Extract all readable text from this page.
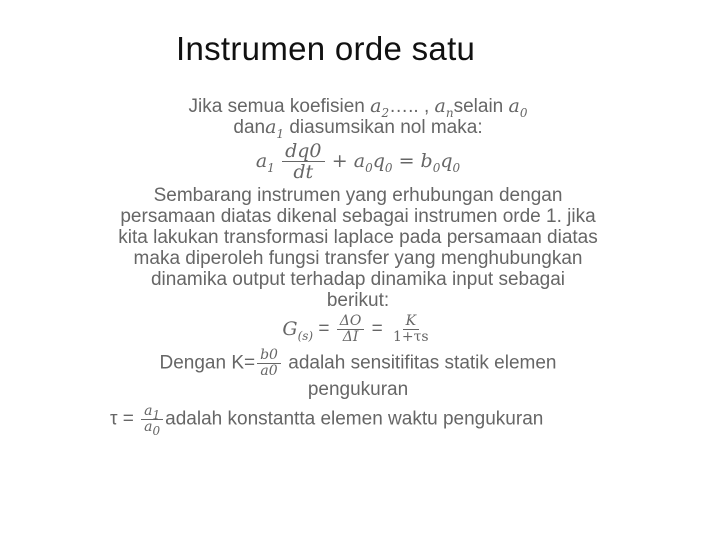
Instrumen orde satu
Jika semua koefisien $a_2\dots$.. , $a_nselain$ $a_0$
dana$_1$ diasumsikan nol maka:
$a_1 \frac{dq0}{dt} + a_0q_0 = b_0q_0$
Sembarang instrumen yang erhubungan dengan
persamaan diatas dikenal sebagai instrumen orde 1. jika
kita lakukan transformasi laplace pada persamaan diatas
maka diperoleh fungsi transfer yang menghubungkan
dinamika output terhadap dinamika input sebagai
berikut:
$G_{(s)} = \frac{\Delta O}{\Delta I} = \frac{K}{1+\tau s}$
Dengan $K= \frac{b0}{a0}$ adalah sensitifitas statik elemen
pengukuran
$\tau = \frac{a_1}{a_0}$ adalah konstantta elemen waktu pengukuran
